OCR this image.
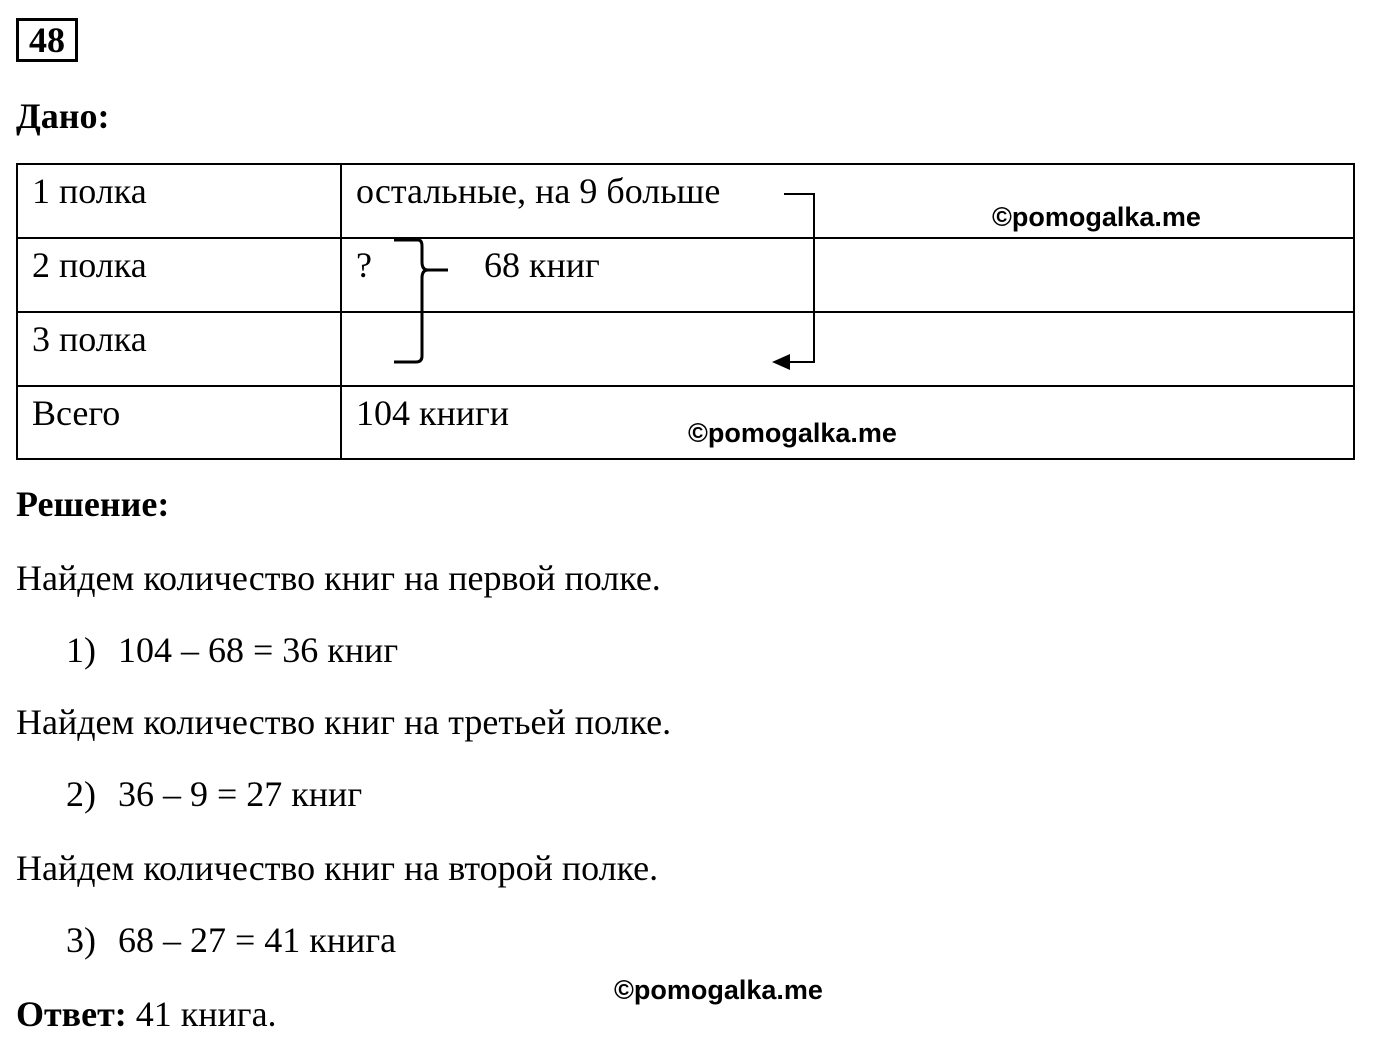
48
Дано:
1 полка	остальные, на 9 больше
2 полка	?	68 книг
3 полка
Всего	104 книги
©pomogalka.me
©pomogalka.me
Решение:
Найдем количество книг на первой полке.
1) 104 – 68 = 36 книг
Найдем количество книг на третьей полке.
2) 36 – 9 = 27 книг
Найдем количество книг на второй полке.
3) 68 – 27 = 41 книга
©pomogalka.me
Ответ: 41 книга.
